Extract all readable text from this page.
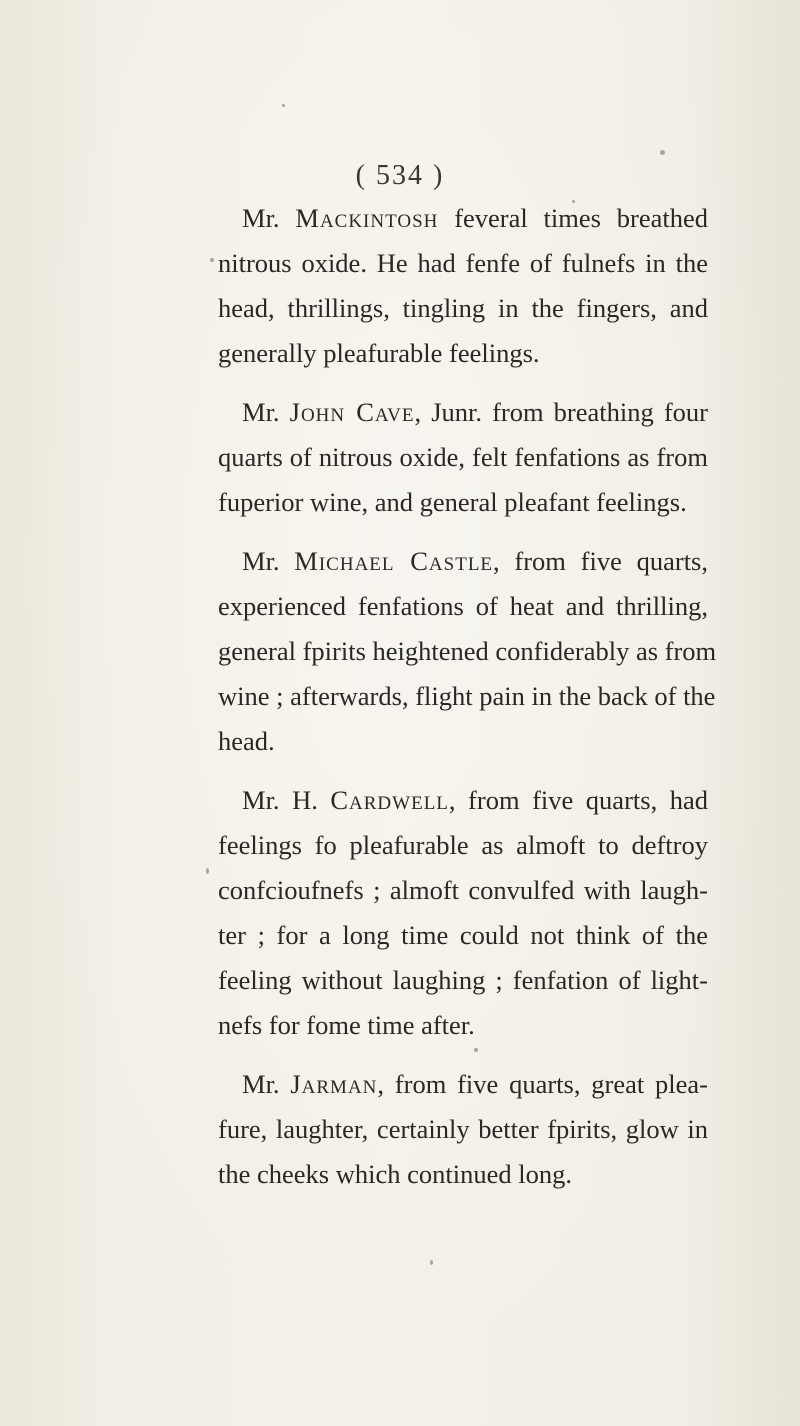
( 534 )
Mr. Mackintosh feveral times breathed
nitrous oxide. He had fenfe of fulnefs in the
head, thrillings, tingling in the fingers, and
generally pleafurable feelings.
Mr. John Cave, Junr. from breathing four
quarts of nitrous oxide, felt fenfations as from
fuperior wine, and general pleafant feelings.
Mr. Michael Castle, from five quarts,
experienced fenfations of heat and thrilling,
general fpirits heightened confiderably as from
wine ; afterwards, flight pain in the back of the
head.
Mr. H. Cardwell, from five quarts, had
feelings fo pleafurable as almoft to deftroy
confcioufnefs ; almoft convulfed with laugh-
ter ; for a long time could not think of the
feeling without laughing ; fenfation of light-
nefs for fome time after.
Mr. Jarman, from five quarts, great plea-
fure, laughter, certainly better fpirits, glow in
the cheeks which continued long.
